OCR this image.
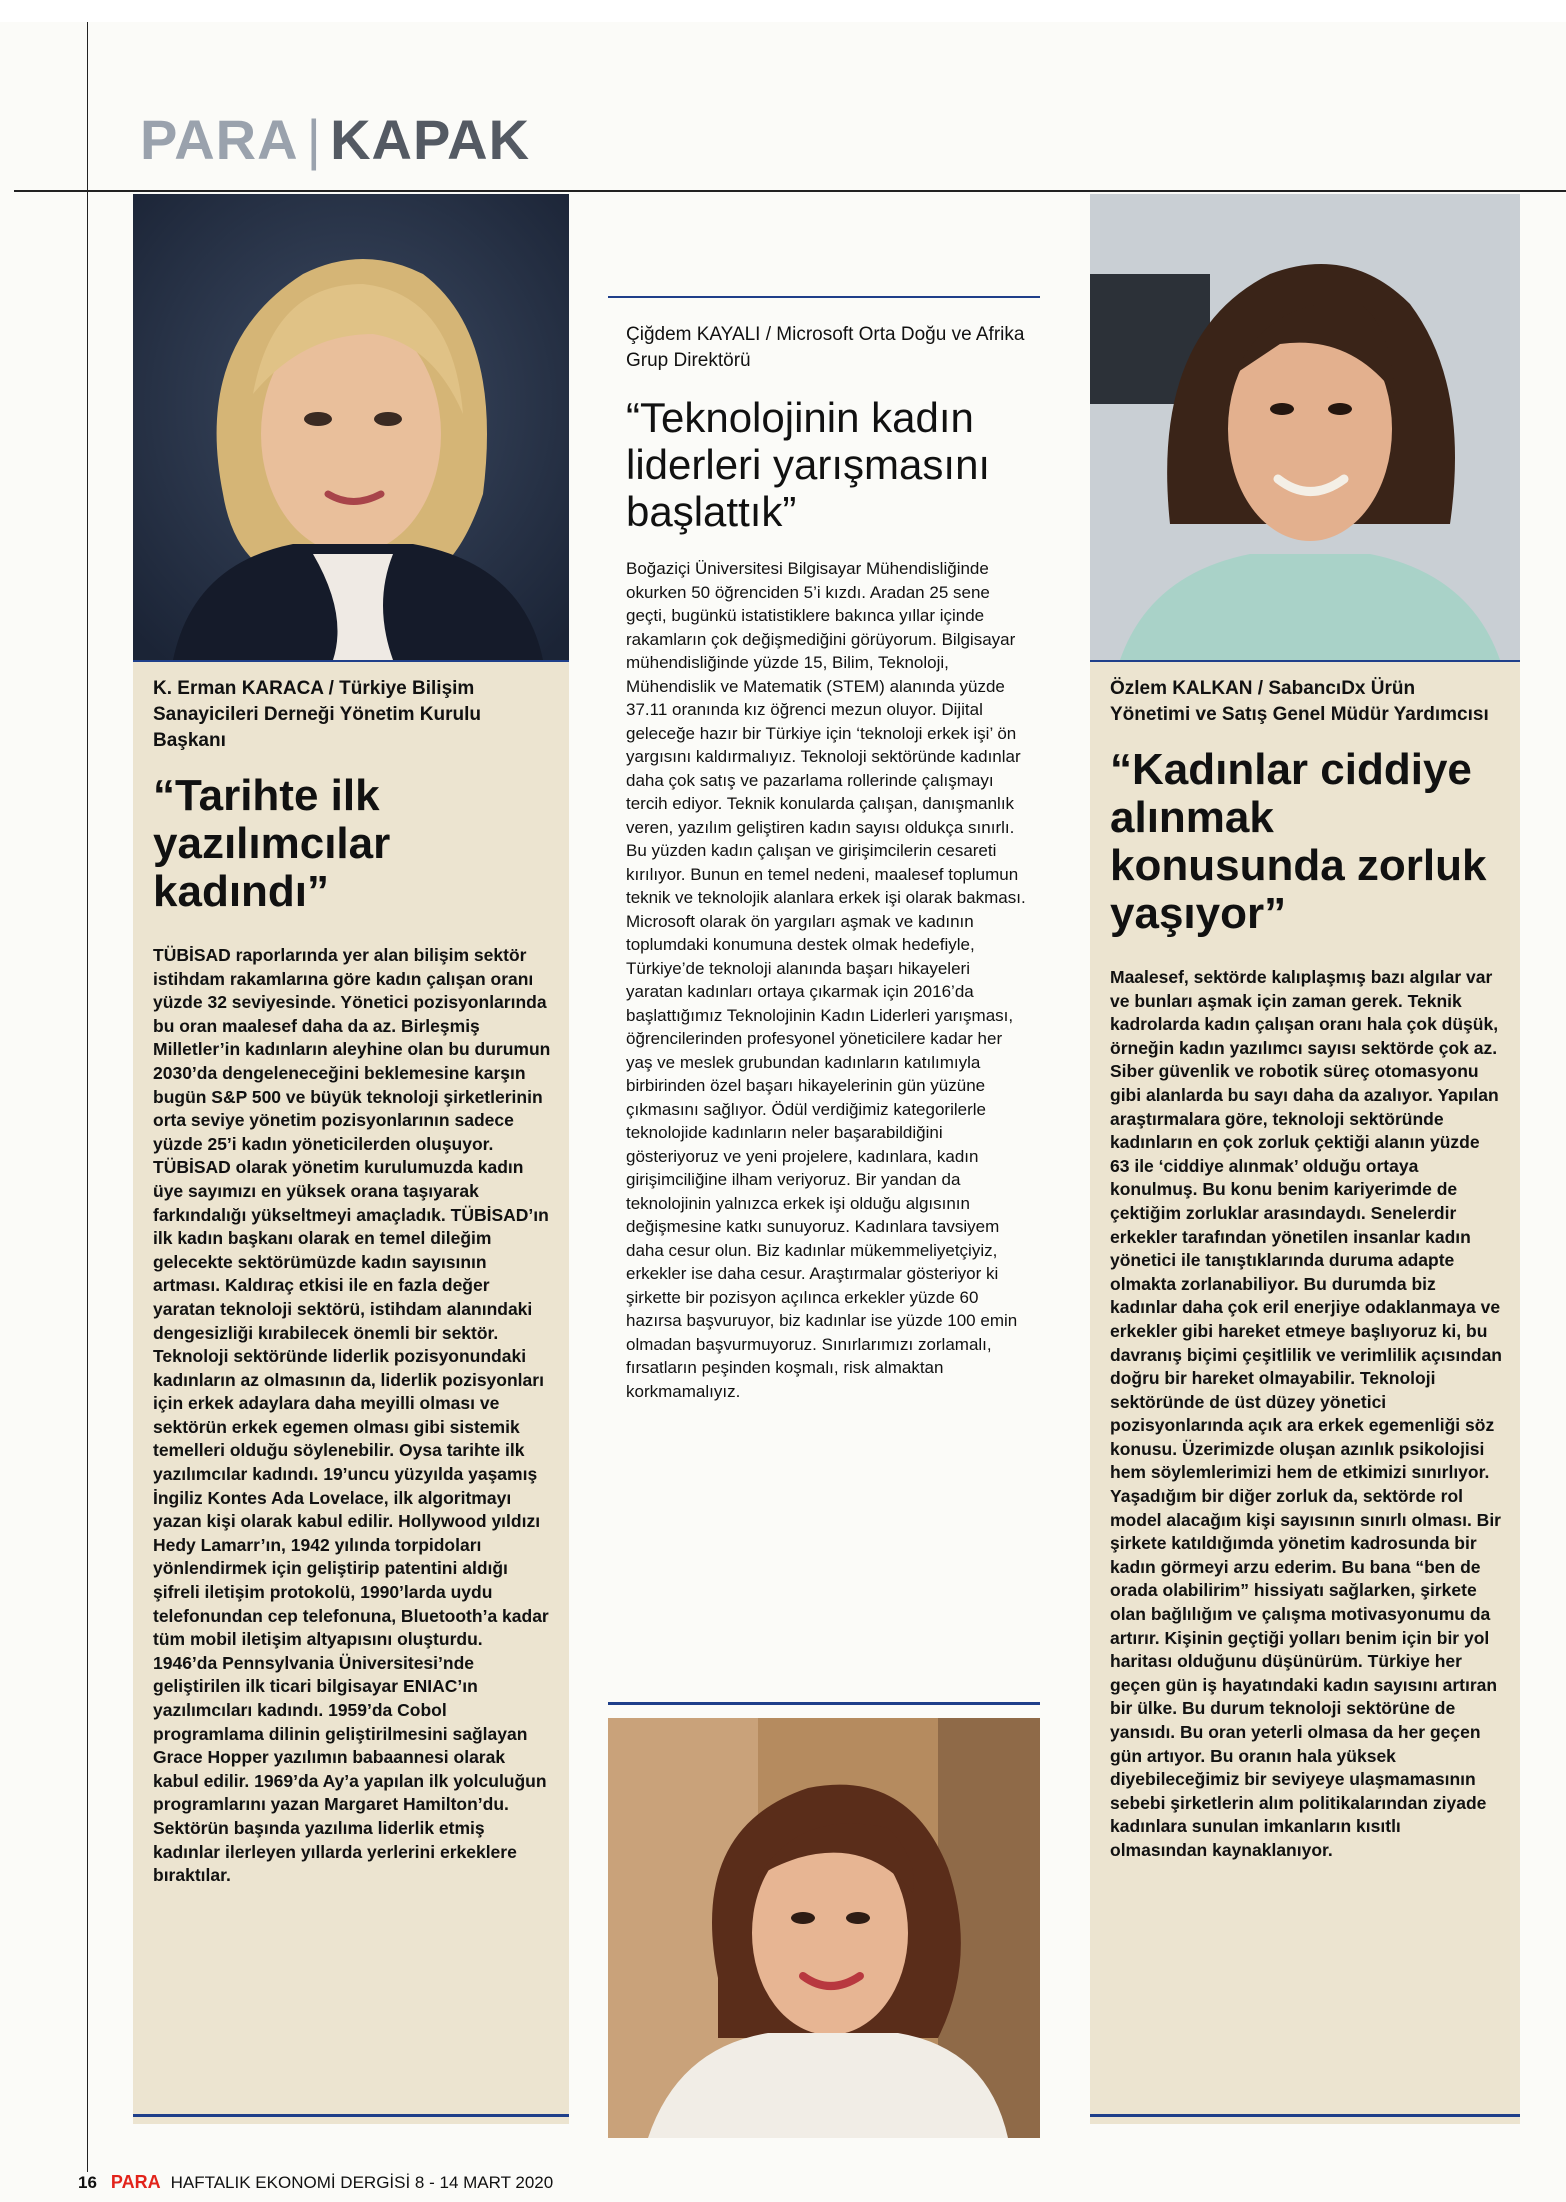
PARA | KAPAK
K. Erman KARACA / Türkiye Bilişim Sanayicileri Derneği Yönetim Kurulu Başkanı
“Tarihte ilk yazılımcılar kadındı”
TÜBİSAD raporlarında yer alan bilişim sektör istihdam rakamlarına göre kadın çalışan oranı yüzde 32 seviyesinde. Yönetici pozisyonlarında bu oran maalesef daha da az. Birleşmiş Milletler’in kadınların aleyhine olan bu durumun 2030’da dengeleneceğini beklemesine karşın bugün S&P 500 ve büyük teknoloji şirketlerinin orta seviye yönetim pozisyonlarının sadece yüzde 25’i kadın yöneticilerden oluşuyor. TÜBİSAD olarak yönetim kurulumuzda kadın üye sayımızı en yüksek orana taşıyarak farkındalığı yükseltmeyi amaçladık. TÜBİSAD’ın ilk kadın başkanı olarak en temel dileğim gelecekte sektörümüzde kadın sayısının artması. Kaldıraç etkisi ile en fazla değer yaratan teknoloji sektörü, istihdam alanındaki dengesizliği kırabilecek önemli bir sektör. Teknoloji sektöründe liderlik pozisyonundaki kadınların az olmasının da, liderlik pozisyonları için erkek adaylara daha meyilli olması ve sektörün erkek egemen olması gibi sistemik temelleri olduğu söylenebilir. Oysa tarihte ilk yazılımcılar kadındı. 19’uncu yüzyılda yaşamış İngiliz Kontes Ada Lovelace, ilk algoritmayı yazan kişi olarak kabul edilir. Hollywood yıldızı Hedy Lamarr’ın, 1942 yılında torpidoları yönlendirmek için geliştirip patentini aldığı şifreli iletişim protokolü, 1990’larda uydu telefonundan cep telefonuna, Bluetooth’a kadar tüm mobil iletişim altyapısını oluşturdu. 1946’da Pennsylvania Üniversitesi’nde geliştirilen ilk ticari bilgisayar ENIAC’ın yazılımcıları kadındı. 1959’da Cobol programlama dilinin geliştirilmesini sağlayan Grace Hopper yazılımın babaannesi olarak kabul edilir. 1969’da Ay’a yapılan ilk yolculuğun programlarını yazan Margaret Hamilton’du. Sektörün başında yazılıma liderlik etmiş kadınlar ilerleyen yıllarda yerlerini erkeklere bıraktılar.
Çiğdem KAYALI / Microsoft Orta Doğu ve Afrika Grup Direktörü
“Teknolojinin kadın liderleri yarışmasını başlattık”
Boğaziçi Üniversitesi Bilgisayar Mühendisliğinde okurken 50 öğrenciden 5’i kızdı. Aradan 25 sene geçti, bugünkü istatistiklere bakınca yıllar içinde rakamların çok değişmediğini görüyorum. Bilgisayar mühendisliğinde yüzde 15, Bilim, Teknoloji, Mühendislik ve Matematik (STEM) alanında yüzde 37.11 oranında kız öğrenci mezun oluyor. Dijital geleceğe hazır bir Türkiye için ‘teknoloji erkek işi’ ön yargısını kaldırmalıyız. Teknoloji sektöründe kadınlar daha çok satış ve pazarlama rollerinde çalışmayı tercih ediyor. Teknik konularda çalışan, danışmanlık veren, yazılım geliştiren kadın sayısı oldukça sınırlı. Bu yüzden kadın çalışan ve girişimcilerin cesareti kırılıyor. Bunun en temel nedeni, maalesef toplumun teknik ve teknolojik alanlara erkek işi olarak bakması. Microsoft olarak ön yargıları aşmak ve kadının toplumdaki konumuna destek olmak hedefiyle, Türkiye’de teknoloji alanında başarı hikayeleri yaratan kadınları ortaya çıkarmak için 2016’da başlattığımız Teknolojinin Kadın Liderleri yarışması, öğrencilerinden profesyonel yöneticilere kadar her yaş ve meslek grubundan kadınların katılımıyla birbirinden özel başarı hikayelerinin gün yüzüne çıkmasını sağlıyor. Ödül verdiğimiz kategorilerle teknolojide kadınların neler başarabildiğini gösteriyoruz ve yeni projelere, kadınlara, kadın girişimciliğine ilham veriyoruz. Bir yandan da teknolojinin yalnızca erkek işi olduğu algısının değişmesine katkı sunuyoruz. Kadınlara tavsiyem daha cesur olun. Biz kadınlar mükemmeliyetçiyiz, erkekler ise daha cesur. Araştırmalar gösteriyor ki şirkette bir pozisyon açılınca erkekler yüzde 60 hazırsa başvuruyor, biz kadınlar ise yüzde 100 emin olmadan başvurmuyoruz. Sınırlarımızı zorlamalı, fırsatların peşinden koşmalı, risk almaktan korkmamalıyız.
Özlem KALKAN / SabancıDx Ürün Yönetimi ve Satış Genel Müdür Yardımcısı
“Kadınlar ciddiye alınmak konusunda zorluk yaşıyor”
Maalesef, sektörde kalıplaşmış bazı algılar var ve bunları aşmak için zaman gerek. Teknik kadrolarda kadın çalışan oranı hala çok düşük, örneğin kadın yazılımcı sayısı sektörde çok az. Siber güvenlik ve robotik süreç otomasyonu gibi alanlarda bu sayı daha da azalıyor. Yapılan araştırmalara göre, teknoloji sektöründe kadınların en çok zorluk çektiği alanın yüzde 63 ile ‘ciddiye alınmak’ olduğu ortaya konulmuş. Bu konu benim kariyerimde de çektiğim zorluklar arasındaydı. Senelerdir erkekler tarafından yönetilen insanlar kadın yönetici ile tanıştıklarında duruma adapte olmakta zorlanabiliyor. Bu durumda biz kadınlar daha çok eril enerjiye odaklanmaya ve erkekler gibi hareket etmeye başlıyoruz ki, bu davranış biçimi çeşitlilik ve verimlilik açısından doğru bir hareket olmayabilir. Teknoloji sektöründe de üst düzey yönetici pozisyonlarında açık ara erkek egemenliği söz konusu. Üzerimizde oluşan azınlık psikolojisi hem söylemlerimizi hem de etkimizi sınırlıyor. Yaşadığım bir diğer zorluk da, sektörde rol model alacağım kişi sayısının sınırlı olması. Bir şirkete katıldığımda yönetim kadrosunda bir kadın görmeyi arzu ederim. Bu bana “ben de orada olabilirim” hissiyatı sağlarken, şirkete olan bağlılığım ve çalışma motivasyonumu da artırır. Kişinin geçtiği yolları benim için bir yol haritası olduğunu düşünürüm. Türkiye her geçen gün iş hayatındaki kadın sayısını artıran bir ülke. Bu durum teknoloji sektörüne de yansıdı. Bu oran yeterli olmasa da her geçen gün artıyor. Bu oranın hala yüksek diyebileceğimiz bir seviyeye ulaşmamasının sebebi şirketlerin alım politikalarından ziyade kadınlara sunulan imkanların kısıtlı olmasından kaynaklanıyor.
16 PARA HAFTALIK EKONOMİ DERGİSİ 8 - 14 MART 2020
